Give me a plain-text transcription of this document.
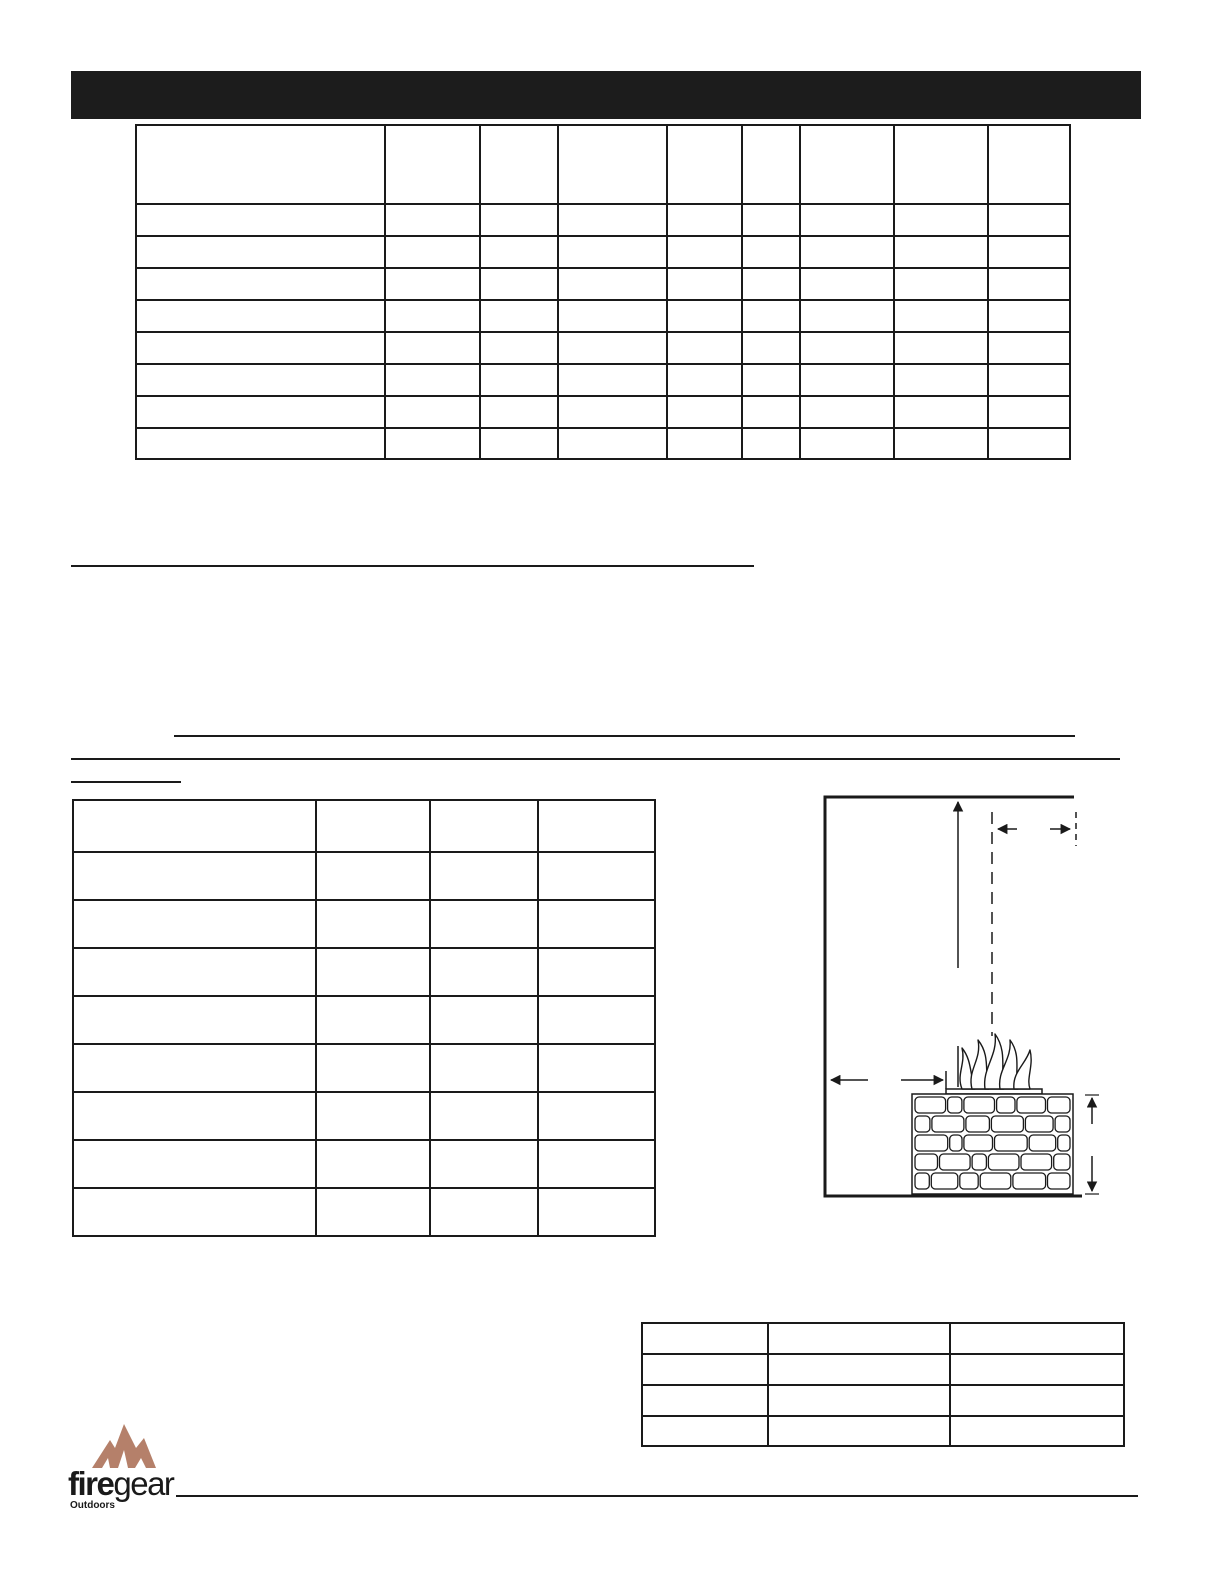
firegear
Outdoors
